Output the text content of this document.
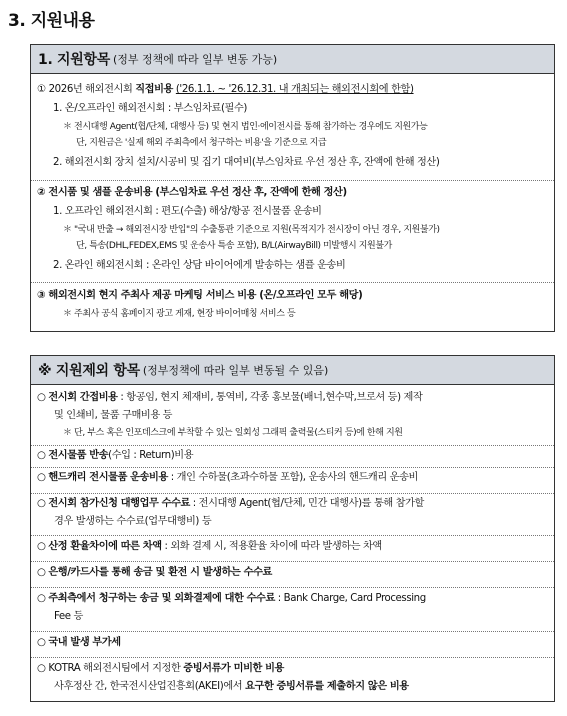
3. 지원내용
1. 지원항목 (정부 정책에 따라 일부 변동 가능)
① 2026년 해외전시회 직접비용 ('26.1.1. ~ '26.12.31. 내 개최되는 해외전시회에 한함)
1. 온/오프라인 해외전시회 : 부스임차료(필수)
＊ 전시대행 Agent(협/단체, 대행사 등) 및 현지 법인·에이전시를 통해 참가하는 경우에도 지원가능
단, 지원금은 '실제 해외 주최측에서 청구하는 비용'을 기준으로 지급
2. 해외전시회 장치 설치/시공비 및 집기 대여비(부스임차료 우선 정산 후, 잔액에 한해 정산)
② 전시품 및 샘플 운송비용 (부스임차료 우선 정산 후, 잔액에 한해 정산)
1. 오프라인 해외전시회 : 편도(수출) 해상/항공 전시물품 운송비
＊ "국내 반출 → 해외전시장 반입"의 수출통관 기준으로 지원(목적지가 전시장이 아닌 경우, 지원불가)
단, 특송(DHL,FEDEX,EMS 및 운송사 특송 포함), B/L(AirwayBill) 미발행시 지원불가
2. 온라인 해외전시회 : 온라인 상담 바이어에게 발송하는 샘플 운송비
③ 해외전시회 현지 주최사 제공 마케팅 서비스 비용 (온/오프라인 모두 해당)
＊ 주최사 공식 홈페이지 광고 게재, 현장 바이어매칭 서비스 등
※ 지원제외 항목 (정부정책에 따라 일부 변동될 수 있음)
○ 전시회 간접비용 : 항공임, 현지 체재비, 통역비, 각종 홍보물(배너,현수막,브로셔 등) 제작
및 인쇄비, 물품 구매비용 등
＊ 단, 부스 혹은 인포데스크에 부착할 수 있는 일회성 그래픽 출력물(스티커 등)에 한해 지원
○ 전시물품 반송(수입 : Return)비용
○ 핸드캐리 전시물품 운송비용 : 개인 수하물(초과수하물 포함), 운송사의 핸드캐리 운송비
○ 전시회 참가신청 대행업무 수수료 : 전시대행 Agent(협/단체, 민간 대행사)를 통해 참가할
경우 발생하는 수수료(업무대행비) 등
○ 산정 환율차이에 따른 차액 : 외화 결제 시, 적용환율 차이에 따라 발생하는 차액
○ 은행/카드사를 통해 송금 및 환전 시 발생하는 수수료
○ 주최측에서 청구하는 송금 및 외화결제에 대한 수수료 : Bank Charge, Card Processing
Fee 등
○ 국내 발생 부가세
○ KOTRA 해외전시팀에서 지정한 증빙서류가 미비한 비용
사후정산 간, 한국전시산업진흥회(AKEI)에서 요구한 증빙서류를 제출하지 않은 비용
